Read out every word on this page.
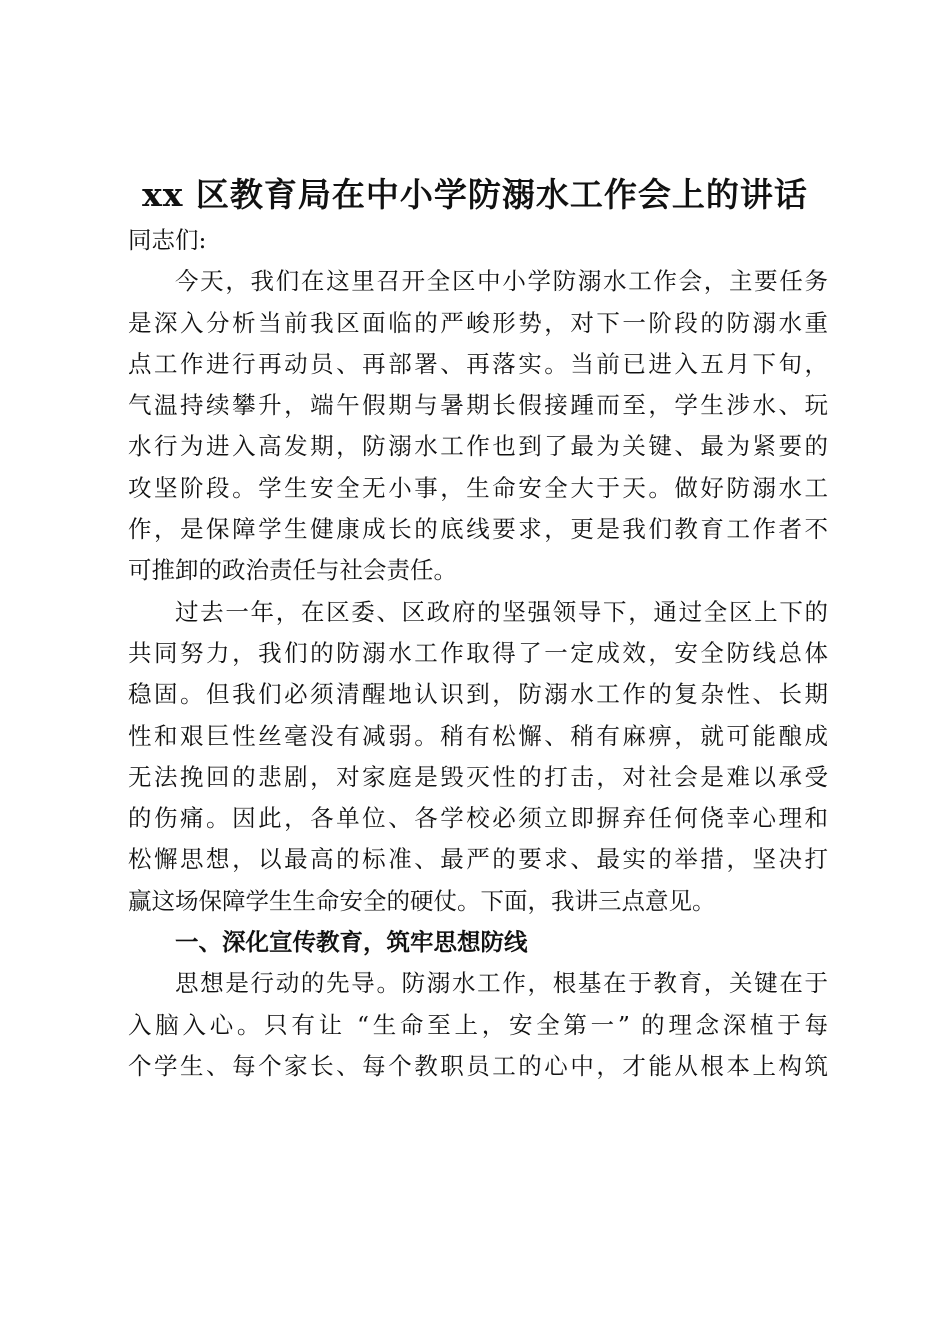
xx 区教育局在中小学防溺水工作会上的讲话
同志们:
今天，我们在这里召开全区中小学防溺水工作会，主要任务
是深入分析当前我区面临的严峻形势，对下一阶段的防溺水重
点工作进行再动员、再部署、再落实。当前已进入五月下旬，
气温持续攀升，端午假期与暑期长假接踵而至，学生涉水、玩
水行为进入高发期，防溺水工作也到了最为关键、最为紧要的
攻坚阶段。学生安全无小事，生命安全大于天。做好防溺水工
作，是保障学生健康成长的底线要求，更是我们教育工作者不
可推卸的政治责任与社会责任。
过去一年，在区委、区政府的坚强领导下，通过全区上下的
共同努力，我们的防溺水工作取得了一定成效，安全防线总体
稳固。但我们必须清醒地认识到，防溺水工作的复杂性、长期
性和艰巨性丝毫没有减弱。稍有松懈、稍有麻痹，就可能酿成
无法挽回的悲剧，对家庭是毁灭性的打击，对社会是难以承受
的伤痛。因此，各单位、各学校必须立即摒弃任何侥幸心理和
松懈思想，以最高的标准、最严的要求、最实的举措，坚决打
赢这场保障学生生命安全的硬仗。下面，我讲三点意见。
一、深化宣传教育，筑牢思想防线
思想是行动的先导。防溺水工作，根基在于教育，关键在于
入脑入心。只有让 “生命至上，安全第一” 的理念深植于每
个学生、每个家长、每个教职员工的心中，才能从根本上构筑
